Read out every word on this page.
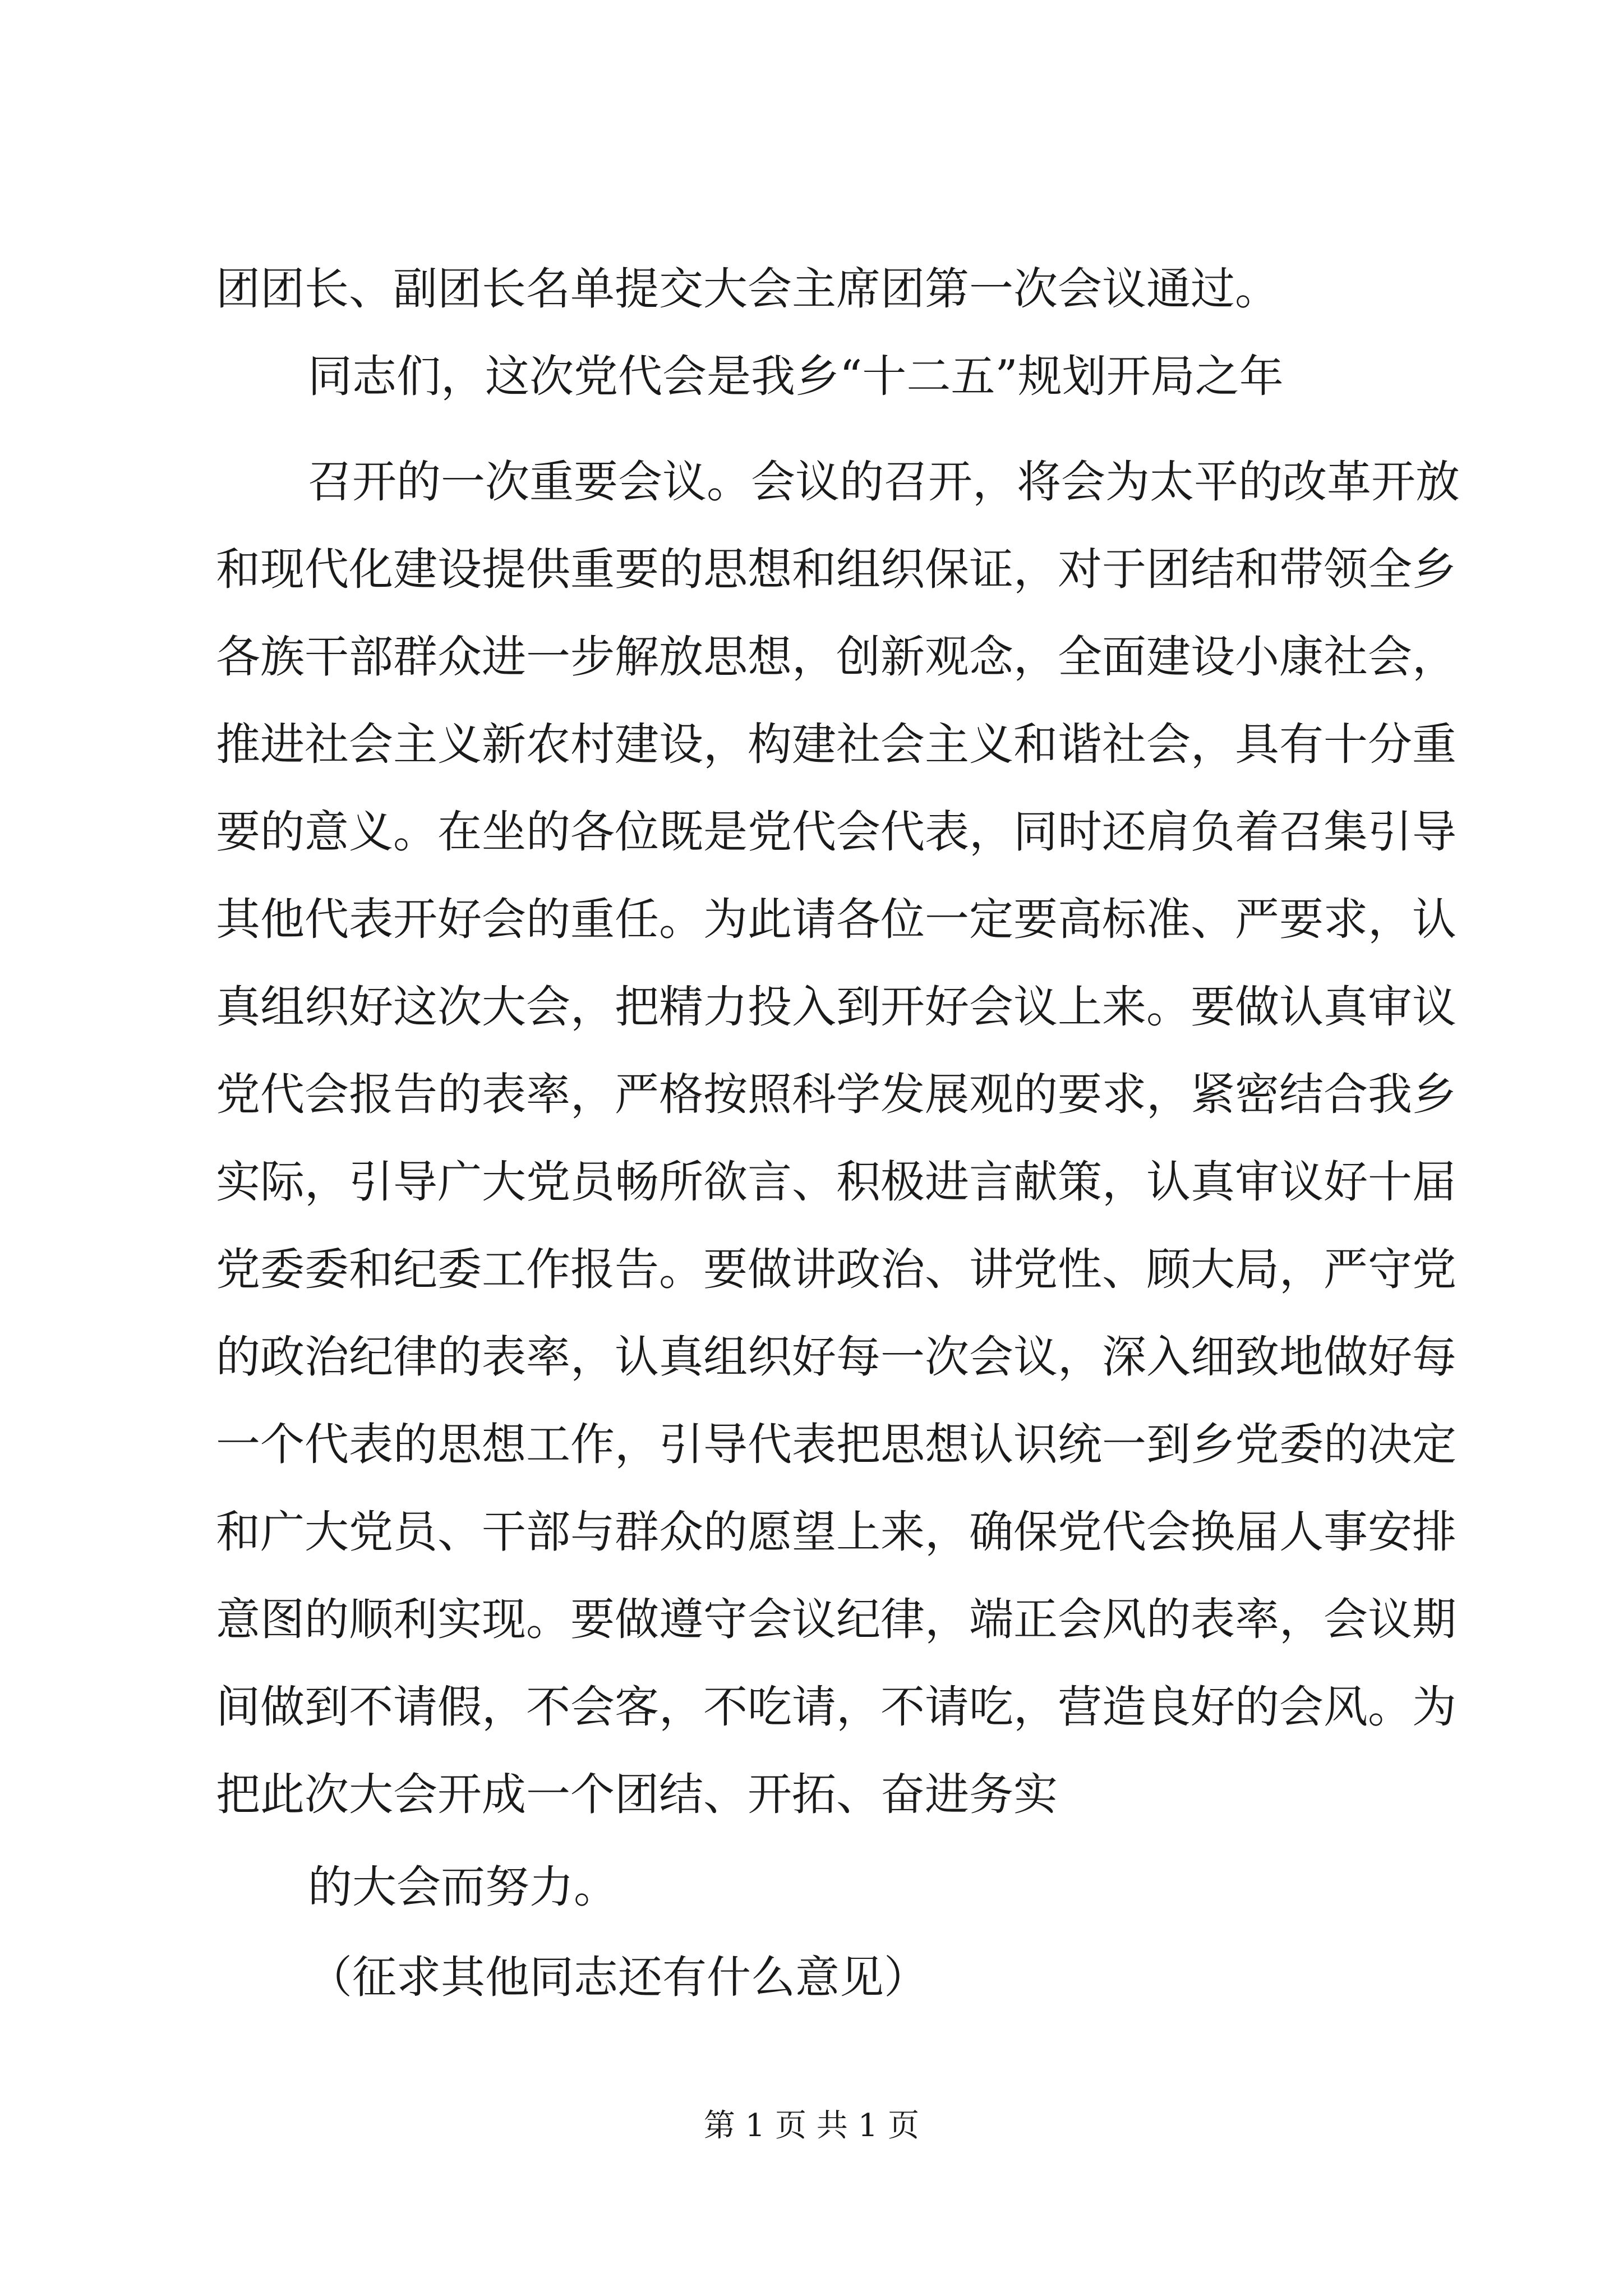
团团长、副团长名单提交大会主席团第一次会议通过。

同志们，这次党代会是我乡“十二五”规划开局之年

召开的一次重要会议。会议的召开，将会为太平的改革开放

和现代化建设提供重要的思想和组织保证，对于团结和带领全乡

各族干部群众进一步解放思想，创新观念，全面建设小康社会，

推进社会主义新农村建设，构建社会主义和谐社会，具有十分重

要的意义。在坐的各位既是党代会代表，同时还肩负着召集引导

其他代表开好会的重任。为此请各位一定要高标准、严要求，认

真组织好这次大会，把精力投入到开好会议上来。要做认真审议

党代会报告的表率，严格按照科学发展观的要求，紧密结合我乡

实际，引导广大党员畅所欲言、积极进言献策，认真审议好十届

党委委和纪委工作报告。要做讲政治、讲党性、顾大局，严守党

的政治纪律的表率，认真组织好每一次会议，深入细致地做好每

一个代表的思想工作，引导代表把思想认识统一到乡党委的决定

和广大党员、干部与群众的愿望上来，确保党代会换届人事安排

意图的顺利实现。要做遵守会议纪律，端正会风的表率，会议期

间做到不请假，不会客，不吃请，不请吃，营造良好的会风。为

把此次大会开成一个团结、开拓、奋进务实

的大会而努力。

（征求其他同志还有什么意见）

第 1 页 共 1 页
